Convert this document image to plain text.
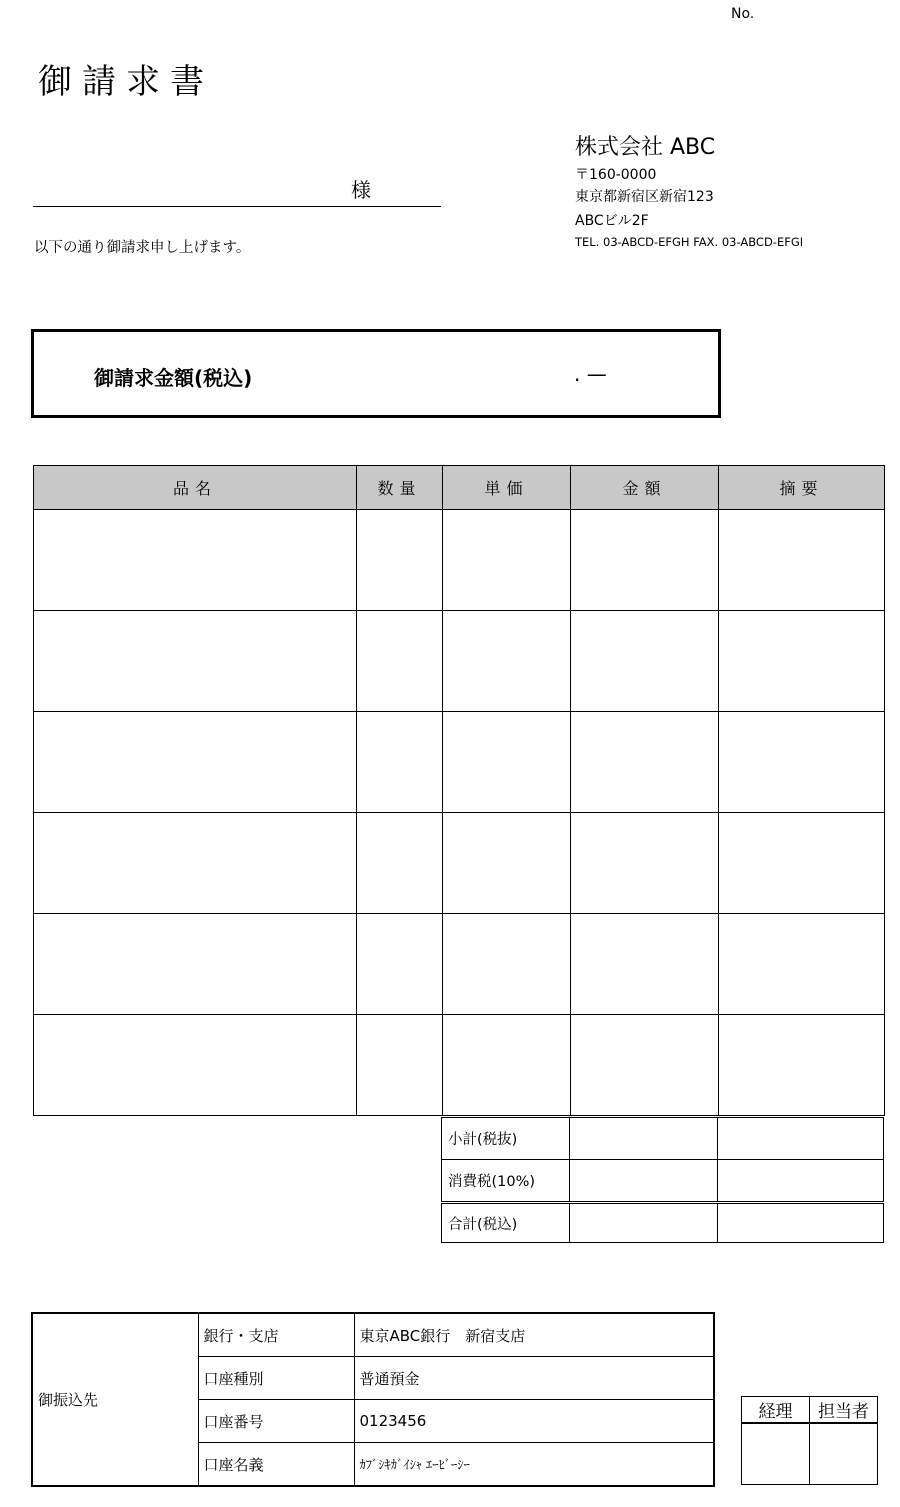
No.
御請求書
株式会社 ABC
〒160-0000
東京都新宿区新宿123
ABCビル2F
TEL. 03-ABCD-EFGH FAX. 03-ABCD-EFGI
様
以下の通り御請求申し上げます。
御請求金額(税込)	. —
品名	数量	単価	金額	摘要

小計(税抜)		
消費税(10%)		
合計(税込)		
御振込先	銀行・支店	東京ABC銀行　新宿支店
	口座種別	普通預金
	口座番号	0123456
	口座名義	ｶﾌﾞｼｷｶﾞｲｼｬ ｴｰﾋﾞｰｼｰ
経理	担当者
